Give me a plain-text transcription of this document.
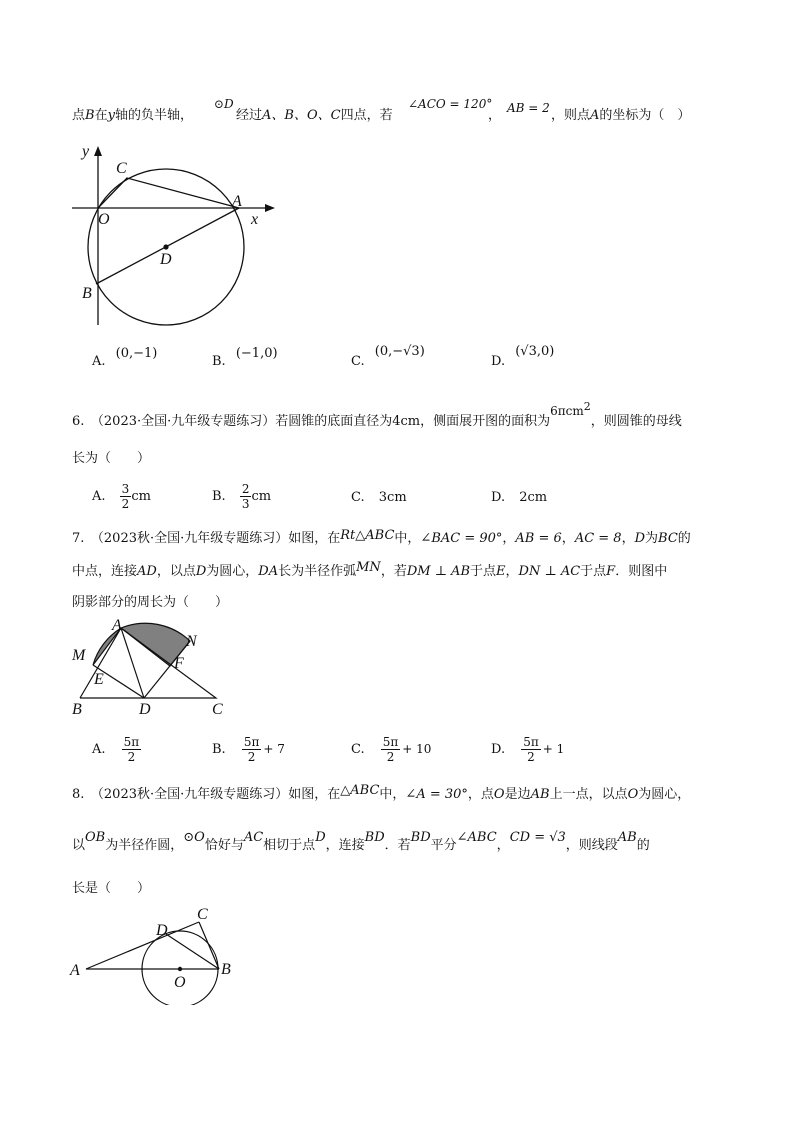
点B在y轴的负半轴，
⊙D
经过A、B、O、C四点，若
∠ACO = 120°
， AB = 2 ，则点A的坐标为（　）
y
C
O
A
x
D
B
A. (0,−1)
B. (−1,0)
C. (0,−√3)
D. (√3,0)
6.　（2023·全国·九年级专题练习）若圆锥的底面直径为4cm，侧面展开图的面积为6πcm$^2$，则圆锥的母线
长为（　　）
A. $\frac{3}{2}$ cm	B. $\frac{2}{3}$ cm	C. 3cm	D. 2cm
7.　（2023秋·全国·九年级专题练习）如图，在Rt△ABC中，∠BAC = 90°，AB = 6，AC = 8，D为BC的
中点，连接AD，以点D为圆心，DA长为半径作弧MN，若DM ⊥ AB于点E，DN ⊥ AC于点F．则图中
阴影部分的周长为（　　）
A
M
N
E
F
B	D	C
A. $\frac{5\pi}{2}$	B. $\frac{5\pi}{2} + 7$	C. $\frac{5\pi}{2} + 10$	D. $\frac{5\pi}{2} + 1$
8.　（2023秋·全国·九年级专题练习）如图，在△ABC中，∠A = 30°，点O是边AB上一点，以点O为圆心，
以OB为半径作圆，⊙O恰好与AC相切于点D，连接BD．若BD平分∠ABC，CD = √3，则线段AB的
长是（　　）
C
D
A	B
O
